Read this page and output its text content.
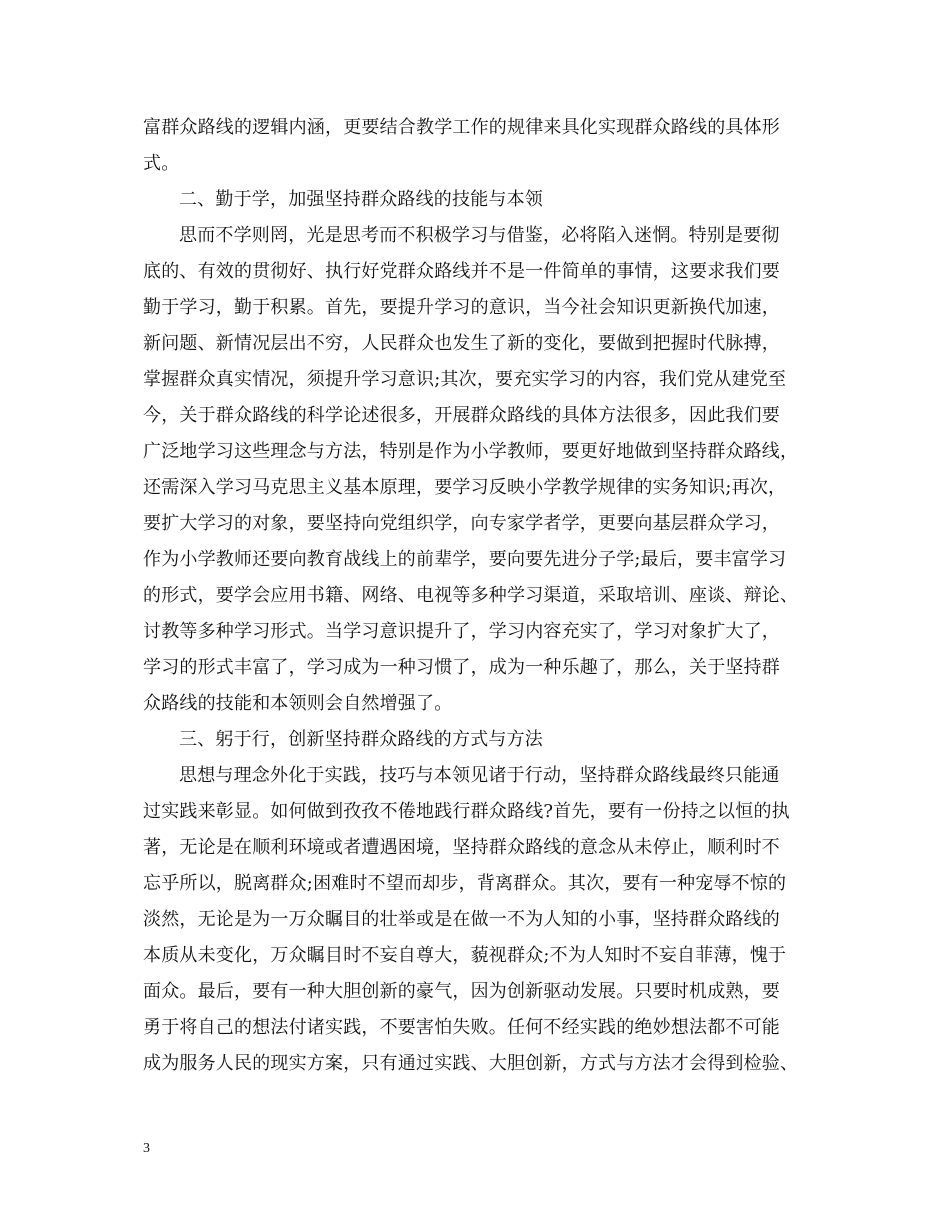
富群众路线的逻辑内涵，更要结合教学工作的规律来具化实现群众路线的具体形
式。
二、勤于学，加强坚持群众路线的技能与本领
思而不学则罔，光是思考而不积极学习与借鉴，必将陷入迷惘。特别是要彻
底的、有效的贯彻好、执行好党群众路线并不是一件简单的事情，这要求我们要
勤于学习，勤于积累。首先，要提升学习的意识，当今社会知识更新换代加速，
新问题、新情况层出不穷，人民群众也发生了新的变化，要做到把握时代脉搏，
掌握群众真实情况，须提升学习意识;其次，要充实学习的内容，我们党从建党至
今，关于群众路线的科学论述很多，开展群众路线的具体方法很多，因此我们要
广泛地学习这些理念与方法，特别是作为小学教师，要更好地做到坚持群众路线，
还需深入学习马克思主义基本原理，要学习反映小学教学规律的实务知识;再次，
要扩大学习的对象，要坚持向党组织学，向专家学者学，更要向基层群众学习，
作为小学教师还要向教育战线上的前辈学，要向要先进分子学;最后，要丰富学习
的形式，要学会应用书籍、网络、电视等多种学习渠道，采取培训、座谈、辩论、
讨教等多种学习形式。当学习意识提升了，学习内容充实了，学习对象扩大了，
学习的形式丰富了，学习成为一种习惯了，成为一种乐趣了，那么，关于坚持群
众路线的技能和本领则会自然增强了。
三、躬于行，创新坚持群众路线的方式与方法
思想与理念外化于实践，技巧与本领见诸于行动，坚持群众路线最终只能通
过实践来彰显。如何做到孜孜不倦地践行群众路线?首先，要有一份持之以恒的执
著，无论是在顺利环境或者遭遇困境，坚持群众路线的意念从未停止，顺利时不
忘乎所以，脱离群众;困难时不望而却步，背离群众。其次，要有一种宠辱不惊的
淡然，无论是为一万众瞩目的壮举或是在做一不为人知的小事，坚持群众路线的
本质从未变化，万众瞩目时不妄自尊大，藐视群众;不为人知时不妄自菲薄，愧于
面众。最后，要有一种大胆创新的豪气，因为创新驱动发展。只要时机成熟，要
勇于将自己的想法付诸实践，不要害怕失败。任何不经实践的绝妙想法都不可能
成为服务人民的现实方案，只有通过实践、大胆创新，方式与方法才会得到检验、
3
